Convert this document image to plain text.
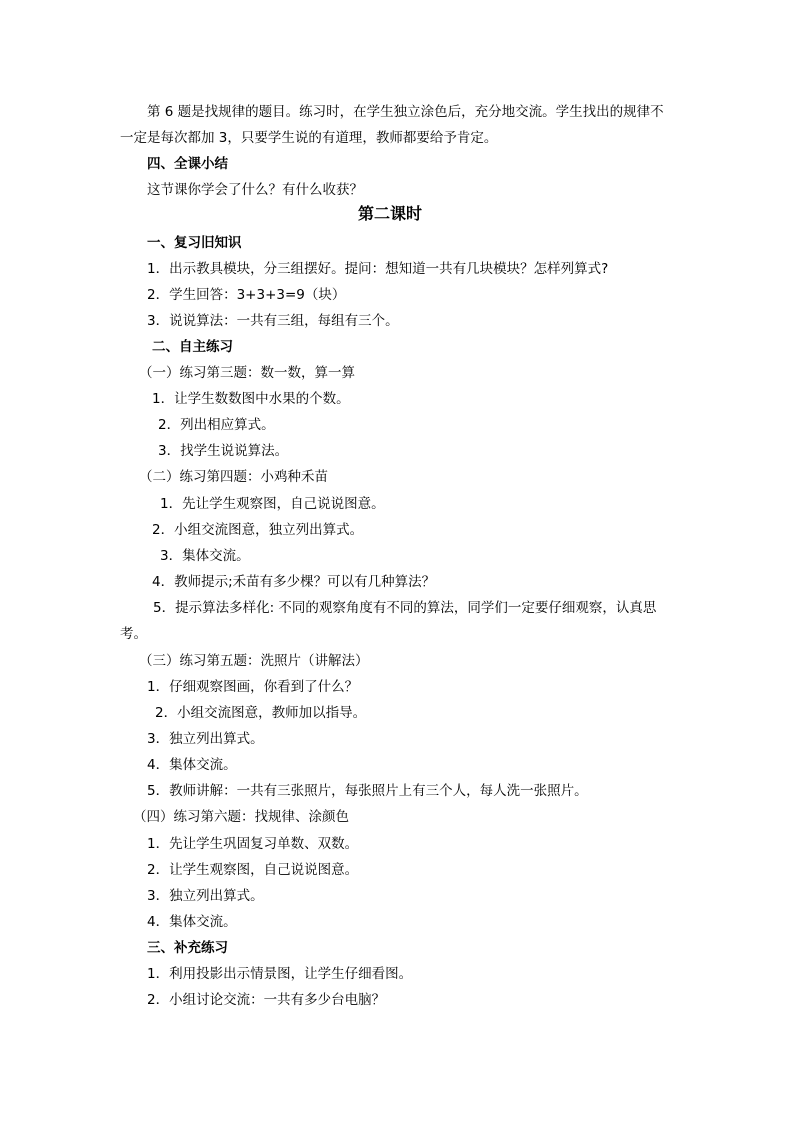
第 6 题是找规律的题目。练习时，在学生独立涂色后，充分地交流。学生找出的规律不
一定是每次都加 3，只要学生说的有道理，教师都要给予肯定。
四、全课小结
这节课你学会了什么？有什么收获？
第二课时
一、复习旧知识
1．出示教具模块，分三组摆好。提问：想知道一共有几块模块？怎样列算式?
2．学生回答：3+3+3=9（块）
3．说说算法：一共有三组，每组有三个。
二、自主练习
（一）练习第三题：数一数，算一算
1．让学生数数图中水果的个数。
2．列出相应算式。
3．找学生说说算法。
（二）练习第四题：小鸡种禾苗
1．先让学生观察图，自己说说图意。
2．小组交流图意，独立列出算式。
3．集体交流。
4．教师提示;禾苗有多少棵？可以有几种算法？
5．提示算法多样化: 不同的观察角度有不同的算法，同学们一定要仔细观察，认真思
考。
（三）练习第五题：洗照片（讲解法）
1．仔细观察图画，你看到了什么？
2．小组交流图意，教师加以指导。
3．独立列出算式。
4．集体交流。
5．教师讲解：一共有三张照片，每张照片上有三个人，每人洗一张照片。
（四）练习第六题：找规律、涂颜色
1．先让学生巩固复习单数、双数。
2．让学生观察图，自己说说图意。
3．独立列出算式。
4．集体交流。
三、补充练习
1．利用投影出示情景图，让学生仔细看图。
2．小组讨论交流：一共有多少台电脑？
